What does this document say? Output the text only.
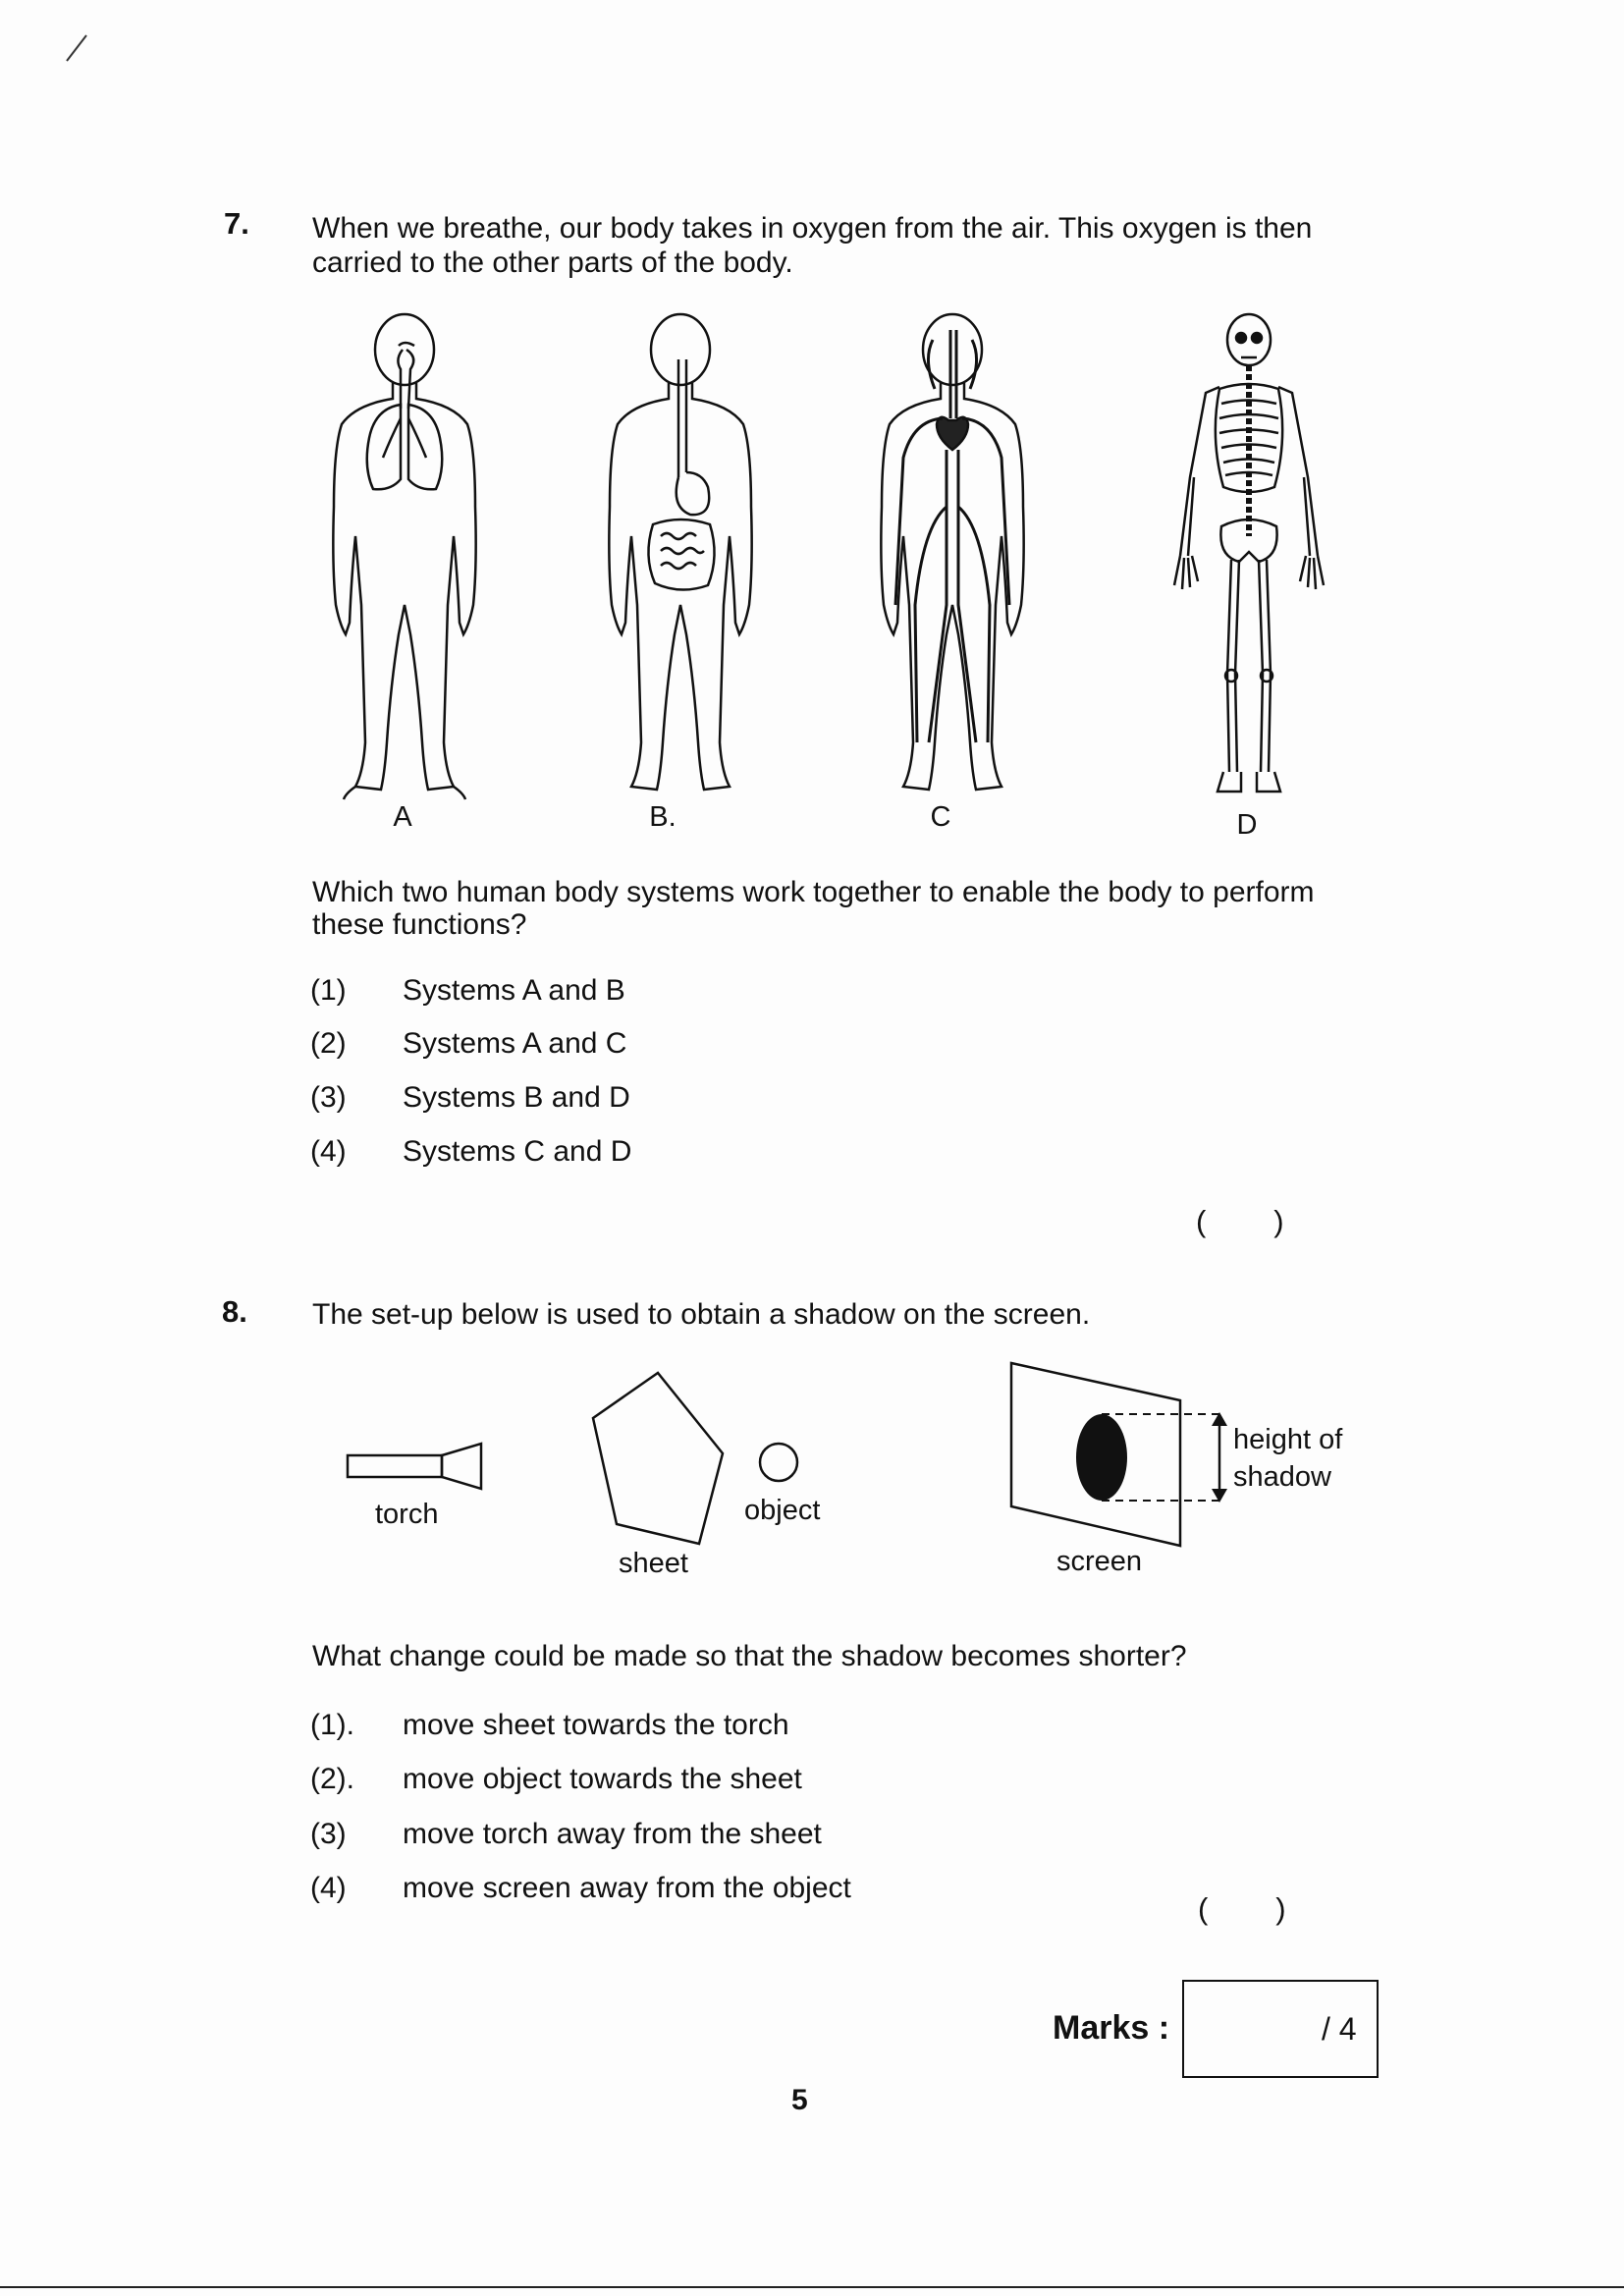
7. When we breathe, our body takes in oxygen from the air. This oxygen is then
carried to the other parts of the body.
A	B.	C	D
Which two human body systems work together to enable the body to perform
these functions?
(1) Systems A and B
(2) Systems A and C
(3) Systems B and D
(4) Systems C and D
(        )
8. The set-up below is used to obtain a shadow on the screen.
torch
sheet
object
height of
shadow
screen
What change could be made so that the shadow becomes shorter?
(1). move sheet towards the torch
(2). move object towards the sheet
(3) move torch away from the sheet
(4) move screen away from the object
(        )
Marks :	/ 4
5
